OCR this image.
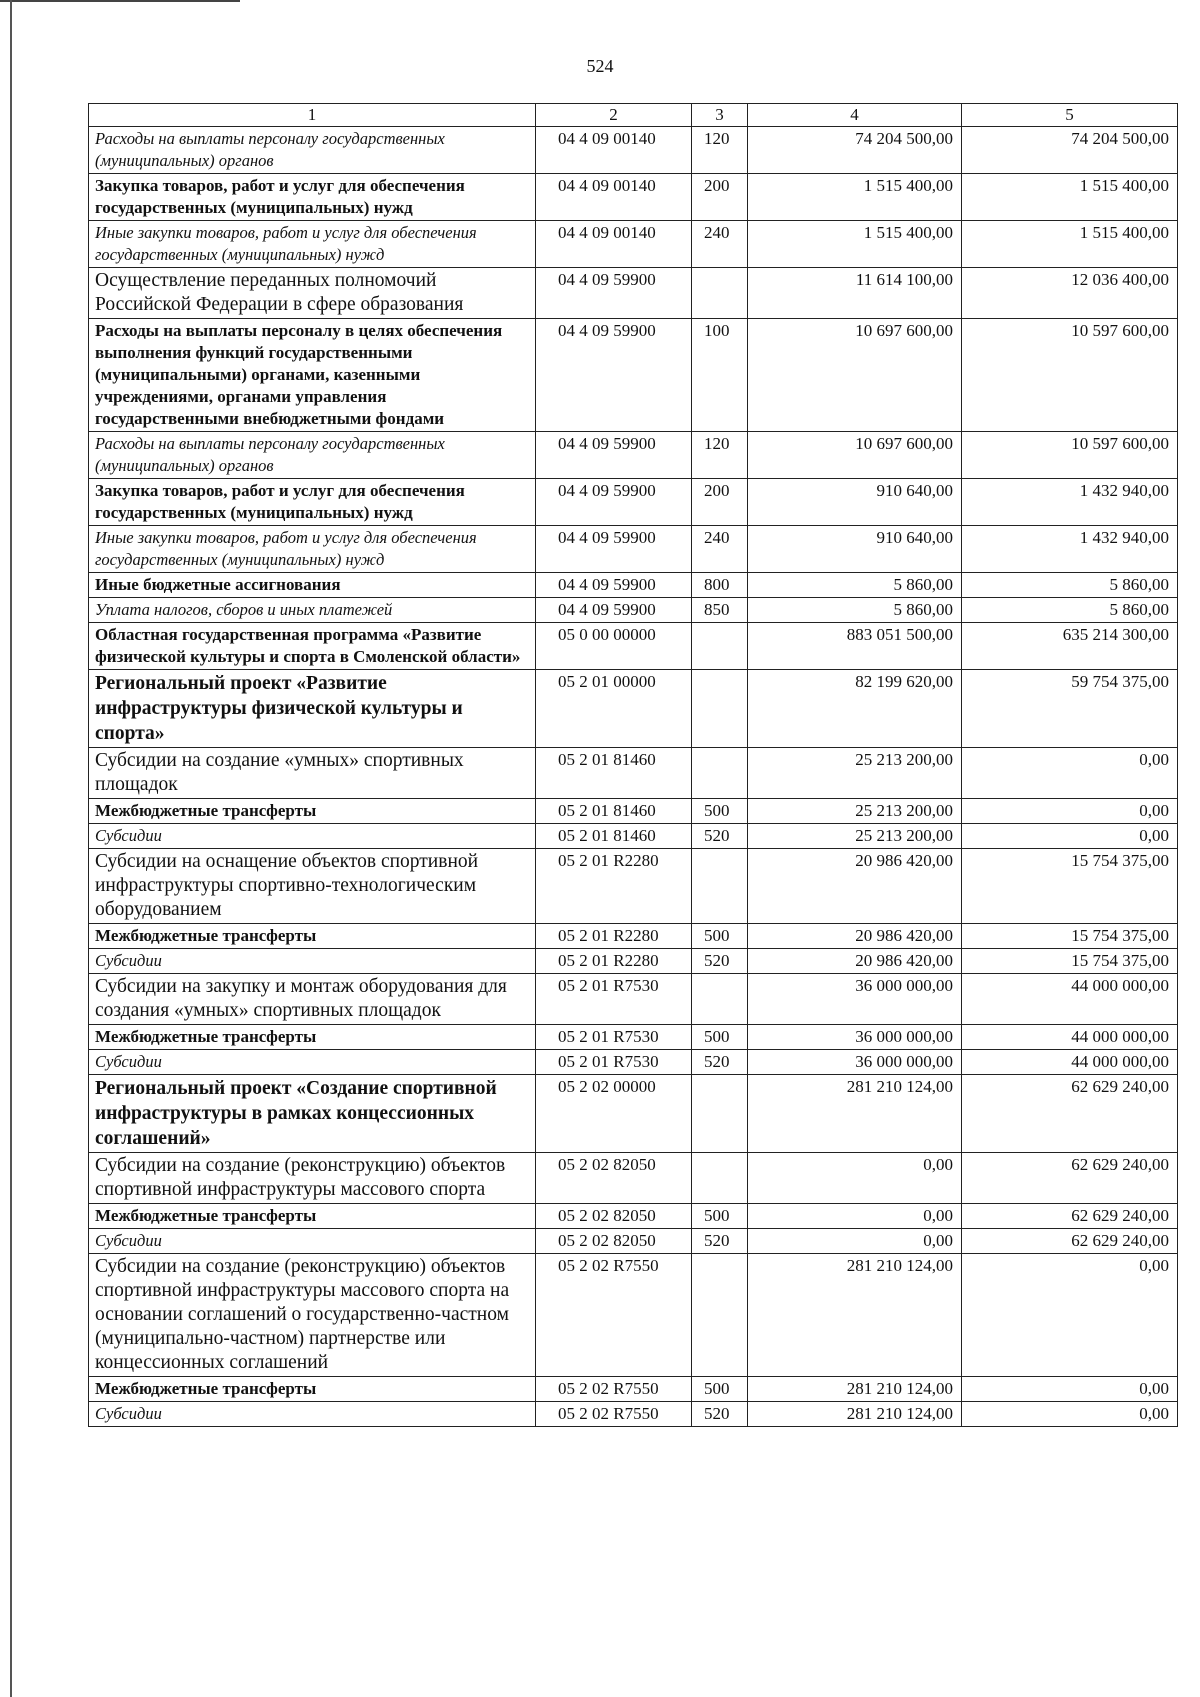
524
1	2	3	4	5
Расходы на выплаты персоналу государственных (муниципальных) органов	04 4 09 00140	120	74 204 500,00	74 204 500,00
Закупка товаров, работ и услуг для обеспечения государственных (муниципальных) нужд	04 4 09 00140	200	1 515 400,00	1 515 400,00
Иные закупки товаров, работ и услуг для обеспечения государственных (муниципальных) нужд	04 4 09 00140	240	1 515 400,00	1 515 400,00
Осуществление переданных полномочий Российской Федерации в сфере образования	04 4 09 59900		11 614 100,00	12 036 400,00
Расходы на выплаты персоналу в целях обеспечения выполнения функций государственными (муниципальными) органами, казенными учреждениями, органами управления государственными внебюджетными фондами	04 4 09 59900	100	10 697 600,00	10 597 600,00
Расходы на выплаты персоналу государственных (муниципальных) органов	04 4 09 59900	120	10 697 600,00	10 597 600,00
Закупка товаров, работ и услуг для обеспечения государственных (муниципальных) нужд	04 4 09 59900	200	910 640,00	1 432 940,00
Иные закупки товаров, работ и услуг для обеспечения государственных (муниципальных) нужд	04 4 09 59900	240	910 640,00	1 432 940,00
Иные бюджетные ассигнования	04 4 09 59900	800	5 860,00	5 860,00
Уплата налогов, сборов и иных платежей	04 4 09 59900	850	5 860,00	5 860,00
Областная государственная программа «Развитие физической культуры и спорта в Смоленской области»	05 0 00 00000		883 051 500,00	635 214 300,00
Региональный проект «Развитие инфраструктуры физической культуры и спорта»	05 2 01 00000		82 199 620,00	59 754 375,00
Субсидии на создание «умных» спортивных площадок	05 2 01 81460		25 213 200,00	0,00
Межбюджетные трансферты	05 2 01 81460	500	25 213 200,00	0,00
Субсидии	05 2 01 81460	520	25 213 200,00	0,00
Субсидии на оснащение объектов спортивной инфраструктуры спортивно-технологическим оборудованием	05 2 01 R2280		20 986 420,00	15 754 375,00
Межбюджетные трансферты	05 2 01 R2280	500	20 986 420,00	15 754 375,00
Субсидии	05 2 01 R2280	520	20 986 420,00	15 754 375,00
Субсидии на закупку и монтаж оборудования для создания «умных» спортивных площадок	05 2 01 R7530		36 000 000,00	44 000 000,00
Межбюджетные трансферты	05 2 01 R7530	500	36 000 000,00	44 000 000,00
Субсидии	05 2 01 R7530	520	36 000 000,00	44 000 000,00
Региональный проект «Создание спортивной инфраструктуры в рамках концессионных соглашений»	05 2 02 00000		281 210 124,00	62 629 240,00
Субсидии на создание (реконструкцию) объектов спортивной инфраструктуры массового спорта	05 2 02 82050		0,00	62 629 240,00
Межбюджетные трансферты	05 2 02 82050	500	0,00	62 629 240,00
Субсидии	05 2 02 82050	520	0,00	62 629 240,00
Субсидии на создание (реконструкцию) объектов спортивной инфраструктуры массового спорта на основании соглашений о государственно-частном (муниципально-частном) партнерстве или концессионных соглашений	05 2 02 R7550		281 210 124,00	0,00
Межбюджетные трансферты	05 2 02 R7550	500	281 210 124,00	0,00
Субсидии	05 2 02 R7550	520	281 210 124,00	0,00
